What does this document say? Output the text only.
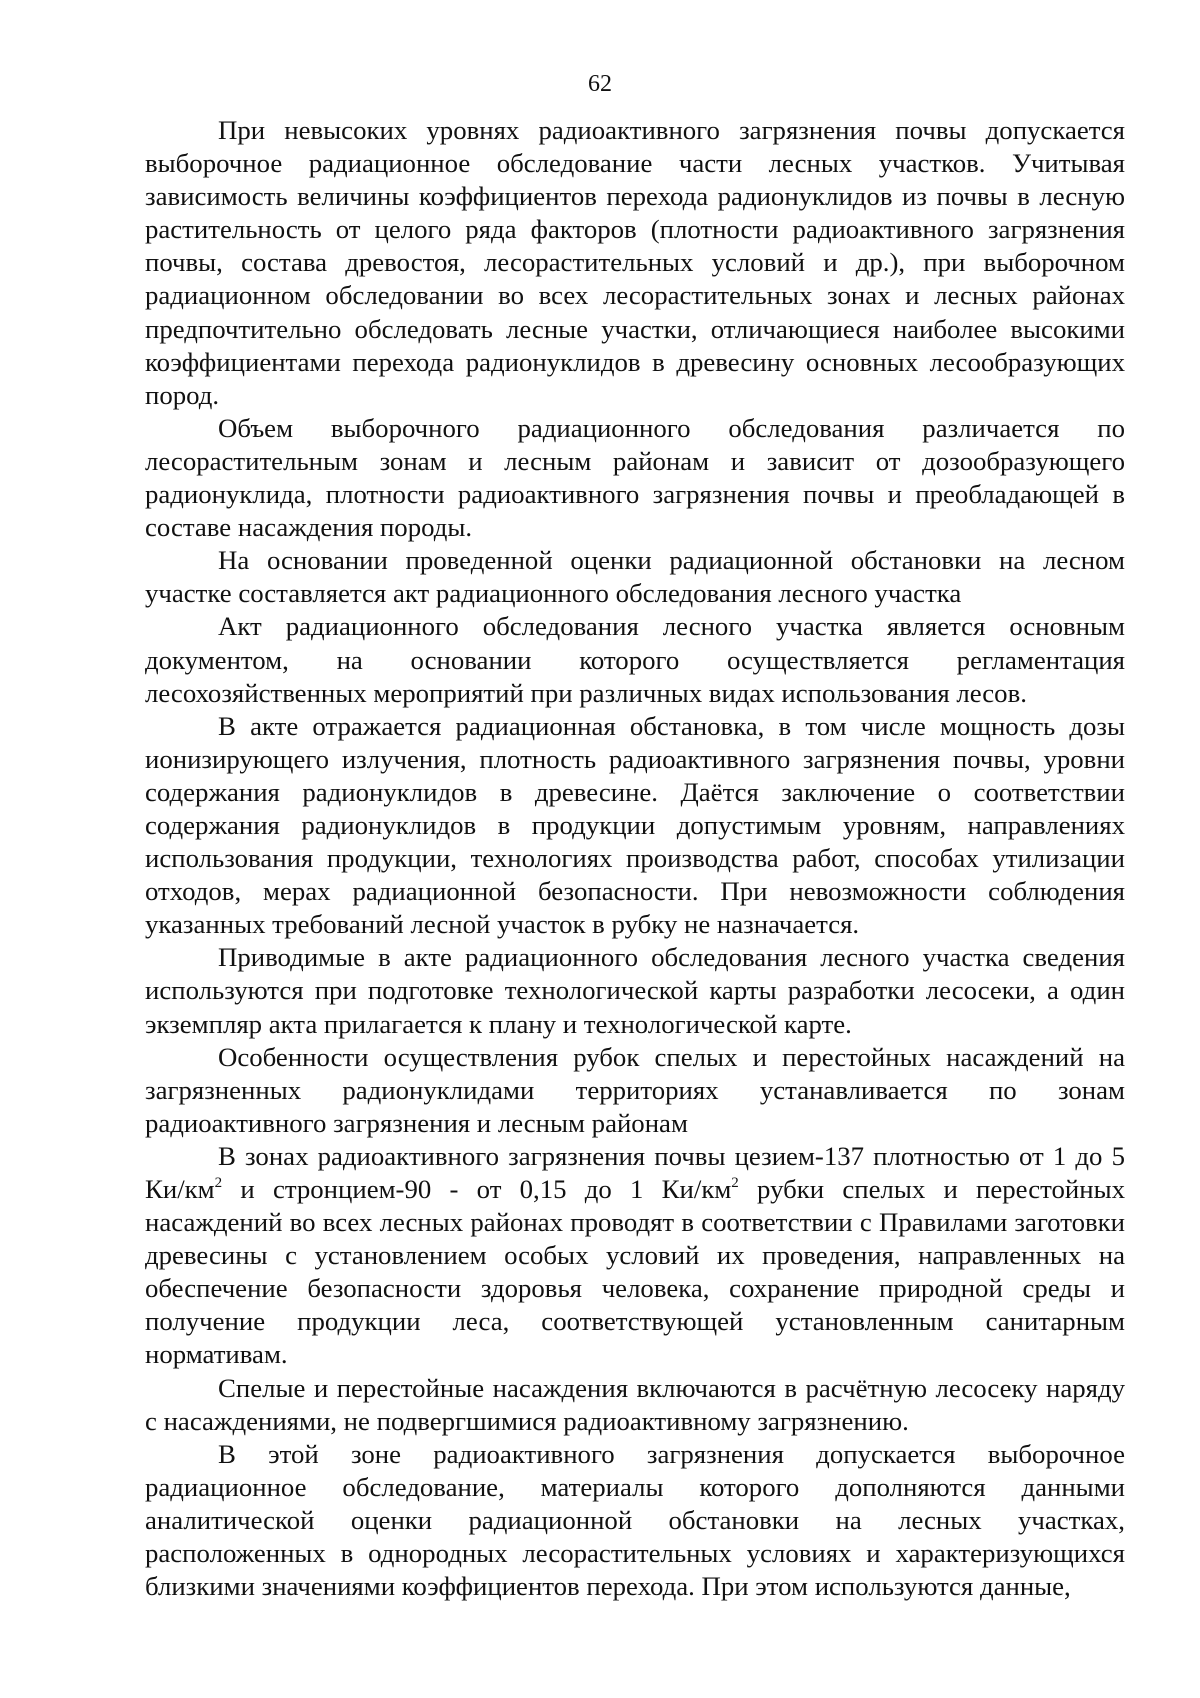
62

При невысоких уровнях радиоактивного загрязнения почвы допускается выборочное радиационное обследование части лесных участков. Учитывая зависимость величины коэффициентов перехода радионуклидов из почвы в лесную растительность от целого ряда факторов (плотности радиоактивного загрязнения почвы, состава древостоя, лесорастительных условий и др.), при выборочном радиационном обследовании во всех лесорастительных зонах и лесных районах предпочтительно обследовать лесные участки, отличающиеся наиболее высокими коэффициентами перехода радионуклидов в древесину основных лесообразующих пород.

Объем выборочного радиационного обследования различается по лесорастительным зонам и лесным районам и зависит от дозообразующего радионуклида, плотности радиоактивного загрязнения почвы и преобладающей в составе насаждения породы.

На основании проведенной оценки радиационной обстановки на лесном участке составляется акт радиационного обследования лесного участка

Акт радиационного обследования лесного участка является основным документом, на основании которого осуществляется регламентация лесохозяйственных мероприятий при различных видах использования лесов.

В акте отражается радиационная обстановка, в том числе мощность дозы ионизирующего излучения, плотность радиоактивного загрязнения почвы, уровни содержания радионуклидов в древесине. Даётся заключение о соответствии содержания радионуклидов в продукции допустимым уровням, направлениях использования продукции, технологиях производства работ, способах утилизации отходов, мерах радиационной безопасности. При невозможности соблюдения указанных требований лесной участок в рубку не назначается.

Приводимые в акте радиационного обследования лесного участка сведения используются при подготовке технологической карты разработки лесосеки, а один экземпляр акта прилагается к плану и технологической карте.

Особенности осуществления рубок спелых и перестойных насаждений на загрязненных радионуклидами территориях устанавливается по зонам радиоактивного загрязнения и лесным районам

В зонах радиоактивного загрязнения почвы цезием-137 плотностью от 1 до 5 $Ки/км^2$ и стронцием-90 - от 0,15 до 1 $Ки/км^2$ рубки спелых и перестойных насаждений во всех лесных районах проводят в соответствии с Правилами заготовки древесины с установлением особых условий их проведения, направленных на обеспечение безопасности здоровья человека, сохранение природной среды и получение продукции леса, соответствующей установленным санитарным нормативам.

Спелые и перестойные насаждения включаются в расчётную лесосеку наряду с насаждениями, не подвергшимися радиоактивному загрязнению.

В этой зоне радиоактивного загрязнения допускается выборочное радиационное обследование, материалы которого дополняются данными аналитической оценки радиационной обстановки на лесных участках, расположенных в однородных лесорастительных условиях и характеризующихся близкими значениями коэффициентов перехода. При этом используются данные,
